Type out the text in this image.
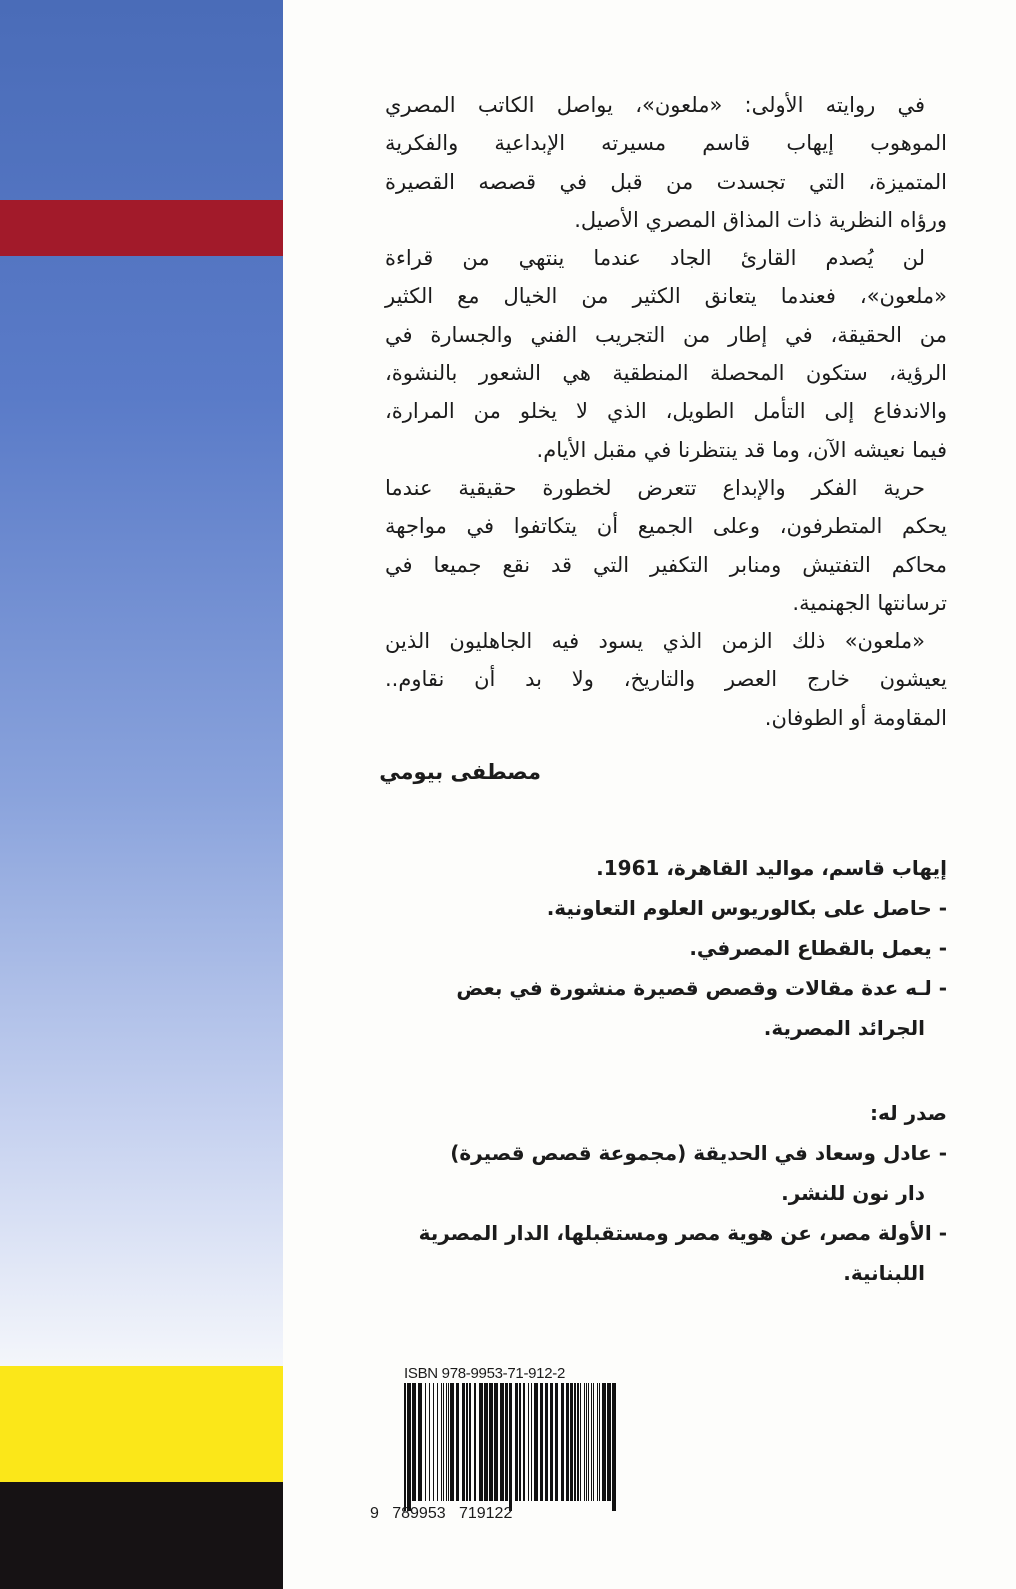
في روايته الأولى: «ملعون»، يواصل الكاتب المصري
الموهوب إيهاب قاسم مسيرته الإبداعية والفكرية
المتميزة، التي تجسدت من قبل في قصصه القصيرة
ورؤاه النظرية ذات المذاق المصري الأصيل.
لن يُصدم القارئ الجاد عندما ينتهي من قراءة
«ملعون»، فعندما يتعانق الكثير من الخيال مع الكثير
من الحقيقة، في إطار من التجريب الفني والجسارة في
الرؤية، ستكون المحصلة المنطقية هي الشعور بالنشوة،
والاندفاع إلى التأمل الطويل، الذي لا يخلو من المرارة،
فيما نعيشه الآن، وما قد ينتظرنا في مقبل الأيام.
حرية الفكر والإبداع تتعرض لخطورة حقيقية عندما
يحكم المتطرفون، وعلى الجميع أن يتكاتفوا في مواجهة
محاكم التفتيش ومنابر التكفير التي قد نقع جميعا في
ترسانتها الجهنمية.
«ملعون» ذلك الزمن الذي يسود فيه الجاهليون الذين
يعيشون خارج العصر والتاريخ، ولا بد أن نقاوم..
المقاومة أو الطوفان.
مصطفى بيومي
إيهاب قاسم، مواليد القاهرة، 1961.
- حاصل على بكالوريوس العلوم التعاونية.
- يعمل بالقطاع المصرفي.
- لـه عدة مقالات وقصص قصيرة منشورة في بعض
الجرائد المصرية.
صدر له:
- عادل وسعاد في الحديقة (مجموعة قصص قصيرة)
دار نون للنشر.
- الأولة مصر، عن هوية مصر ومستقبلها، الدار المصرية
اللبنانية.
ISBN 978-9953-71-912-2
9   789953   719122
